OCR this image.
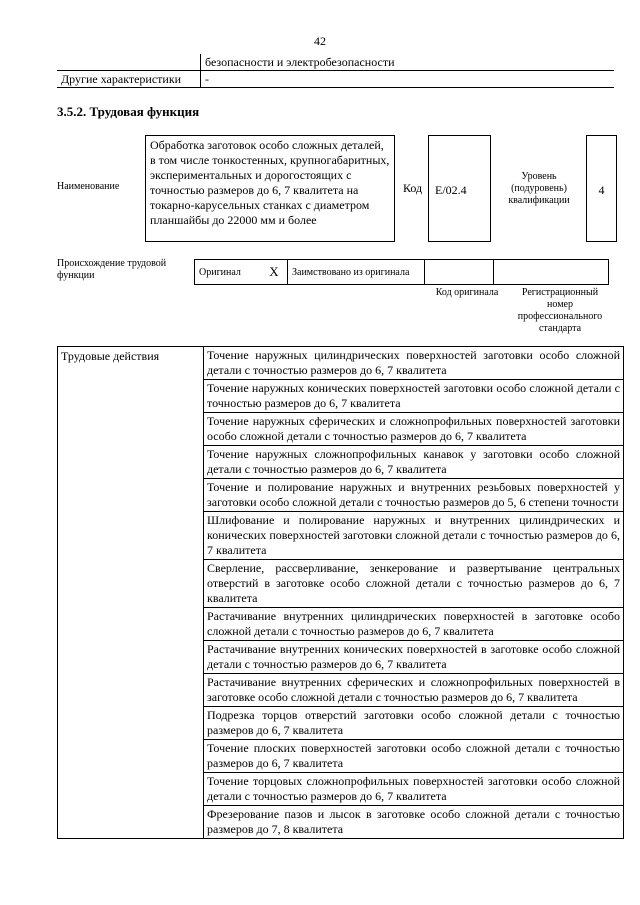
42
	безопасности и электробезопасности
Другие характеристики	-
3.5.2. Трудовая функция
Наименование
Обработка заготовок особо сложных деталей, в том числе тонкостенных, крупногабаритных, экспериментальных и дорогостоящих с точностью размеров до 6, 7 квалитета на токарно-карусельных станках с диаметром планшайбы до 22000 мм и более
Код	E/02.4
Уровень (подуровень) квалификации
4
Происхождение трудовой функции	Оригинал	X	Заимствовано из оригинала		
Код оригинала	Регистрационный номер профессионального стандарта
Трудовые действия	Точение наружных цилиндрических поверхностей заготовки особо сложной детали с точностью размеров до 6, 7 квалитета
Точение наружных конических поверхностей заготовки особо сложной детали с точностью размеров до 6, 7 квалитета
Точение наружных сферических и сложнопрофильных поверхностей заготовки особо сложной детали с точностью размеров до 6, 7 квалитета
Точение наружных сложнопрофильных канавок у заготовки особо сложной детали с точностью размеров до 6, 7 квалитета
Точение и полирование наружных и внутренних резьбовых поверхностей у заготовки особо сложной детали с точностью размеров до 5, 6 степени точности
Шлифование и полирование наружных и внутренних цилиндрических и конических поверхностей заготовки сложной детали с точностью размеров до 6, 7 квалитета
Сверление, рассверливание, зенкерование и развертывание центральных отверстий в заготовке особо сложной детали с точностью размеров до 6, 7 квалитета
Растачивание внутренних цилиндрических поверхностей в заготовке особо сложной детали с точностью размеров до 6, 7 квалитета
Растачивание внутренних конических поверхностей в заготовке особо сложной детали с точностью размеров до 6, 7 квалитета
Растачивание внутренних сферических и сложнопрофильных поверхностей в заготовке особо сложной детали с точностью размеров до 6, 7 квалитета
Подрезка торцов отверстий заготовки особо сложной детали с точностью размеров до 6, 7 квалитета
Точение плоских поверхностей заготовки особо сложной детали с точностью размеров до 6, 7 квалитета
Точение торцовых сложнопрофильных поверхностей заготовки особо сложной детали с точностью размеров до 6, 7 квалитета
Фрезерование пазов и лысок в заготовке особо сложной детали с точностью размеров до 7, 8 квалитета
